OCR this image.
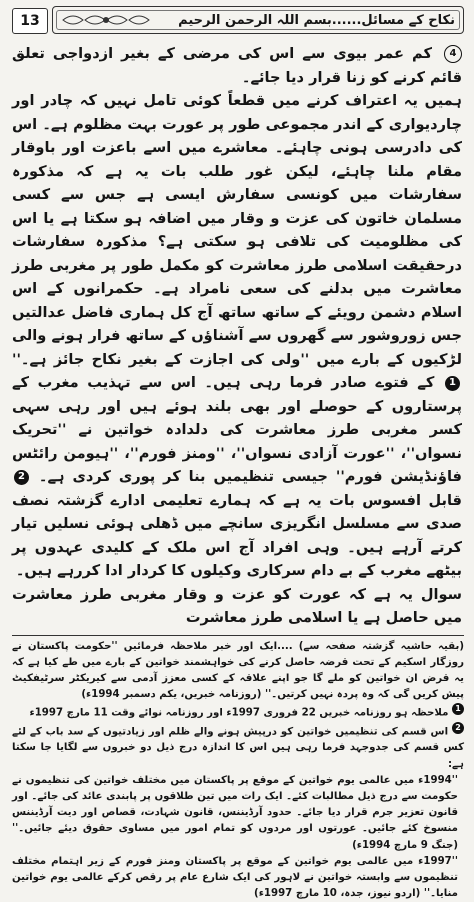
13	نکاح کے مسائل......بسم اللہ الرحمن الرحیم

4 کم عمر بیوی سے اس کی مرضی کے بغیر ازدواجی تعلق قائم کرنے کو زنا قرار دیا جائے۔

ہمیں یہ اعتراف کرنے میں قطعاً کوئی تامل نہیں کہ چادر اور چاردیواری کے اندر مجموعی طور پر عورت بہت مظلوم ہے۔ اس کی دادرسی ہونی چاہئے۔ معاشرے میں اسے باعزت اور باوقار مقام ملنا چاہئے، لیکن غور طلب بات یہ ہے کہ مذکورہ سفارشات میں کونسی سفارش ایسی ہے جس سے کسی مسلمان خاتون کی عزت و وقار میں اضافہ ہو سکتا ہے یا اس کی مظلومیت کی تلافی ہو سکتی ہے؟ مذکورہ سفارشات درحقیقت اسلامی طرز معاشرت کو مکمل طور پر مغربی طرز معاشرت میں بدلنے کی سعی نامراد ہے۔ حکمرانوں کے اس اسلام دشمن رویئے کے ساتھ ساتھ آج کل ہماری فاضل عدالتیں جس زوروشور سے گھروں سے آشناؤں کے ساتھ فرار ہونے والی لڑکیوں کے بارے میں ''ولی کی اجازت کے بغیر نکاح جائز ہے۔'' 1 کے فتوے صادر فرما رہی ہیں۔ اس سے تہذیب مغرب کے پرستاروں کے حوصلے اور بھی بلند ہوئے ہیں اور رہی سہی کسر مغربی طرز معاشرت کی دلدادہ خواتین نے ''تحریک نسواں''، ''عورت آزادی نسواں''، ''ومنز فورم''، ''ہیومن رائٹس فاؤنڈیشن فورم'' جیسی تنظیمیں بنا کر پوری کردی ہے۔ 2 قابل افسوس بات یہ ہے کہ ہمارے تعلیمی ادارے گزشتہ نصف صدی سے مسلسل انگریزی سانچے میں ڈھلی ہوئی نسلیں تیار کرتے آرہے ہیں۔ وہی افراد آج اس ملک کے کلیدی عہدوں پر بیٹھے مغرب کے بے دام سرکاری وکیلوں کا کردار ادا کررہے ہیں۔

سوال یہ ہے کہ عورت کو عزت و وقار مغربی طرز معاشرت میں حاصل ہے یا اسلامی طرز معاشرت

(بقیہ حاشیہ گزشتہ صفحہ سے) ....ایک اور خبر ملاحظہ فرمائیں ''حکومت پاکستان نے روزگار اسکیم کے تحت قرضہ حاصل کرنے کی خواہشمند خواتین کے بارے میں طے کیا ہے کہ یہ قرض ان خواتین کو ملے گا جو اپنے علاقہ کے کسی معزز آدمی سے کیریکٹر سرٹیفکیٹ پیش کریں گی کہ وہ پردہ نہیں کرتیں۔'' (روزنامہ خبریں، یکم دسمبر 1994ء)

1 ملاحظہ ہو روزنامہ خبریں 22 فروری 1997ء اور روزنامہ نوائے وقت 11 مارچ 1997ء

2 اس قسم کی تنظیمیں خواتین کو درپیش ہونے والے ظلم اور زیادتیوں کے سد باب کے لئے کس قسم کی جدوجہد فرما رہی ہیں اس کا اندازہ درج ذیل دو خبروں سے لگایا جا سکتا ہے:

''1994ء میں عالمی یوم خواتین کے موقع پر پاکستان میں مختلف خواتین کی تنظیموں نے حکومت سے درج ذیل مطالبات کئے۔ ایک رات میں تین طلاقوں پر پابندی عائد کی جائے۔ اور قانون تعزیر جرم قرار دیا جائے۔ حدود آرڈیننس، قانون شہادت، قصاص اور دیت آرڈیننس منسوخ کئے جائیں۔ عورتوں اور مردوں کو تمام امور میں مساوی حقوق دیئے جائیں۔'' (جنگ 9 مارچ 1994ء)

''1997ء میں عالمی یوم خواتین کے موقع پر پاکستان ومنز فورم کے زیر اہتمام مختلف تنظیموں سے وابستہ خواتین نے لاہور کی ایک شارع عام پر رقص کرکے عالمی یوم خواتین منایا۔'' (اردو نیوز، جدہ، 10 مارچ 1997ء)
